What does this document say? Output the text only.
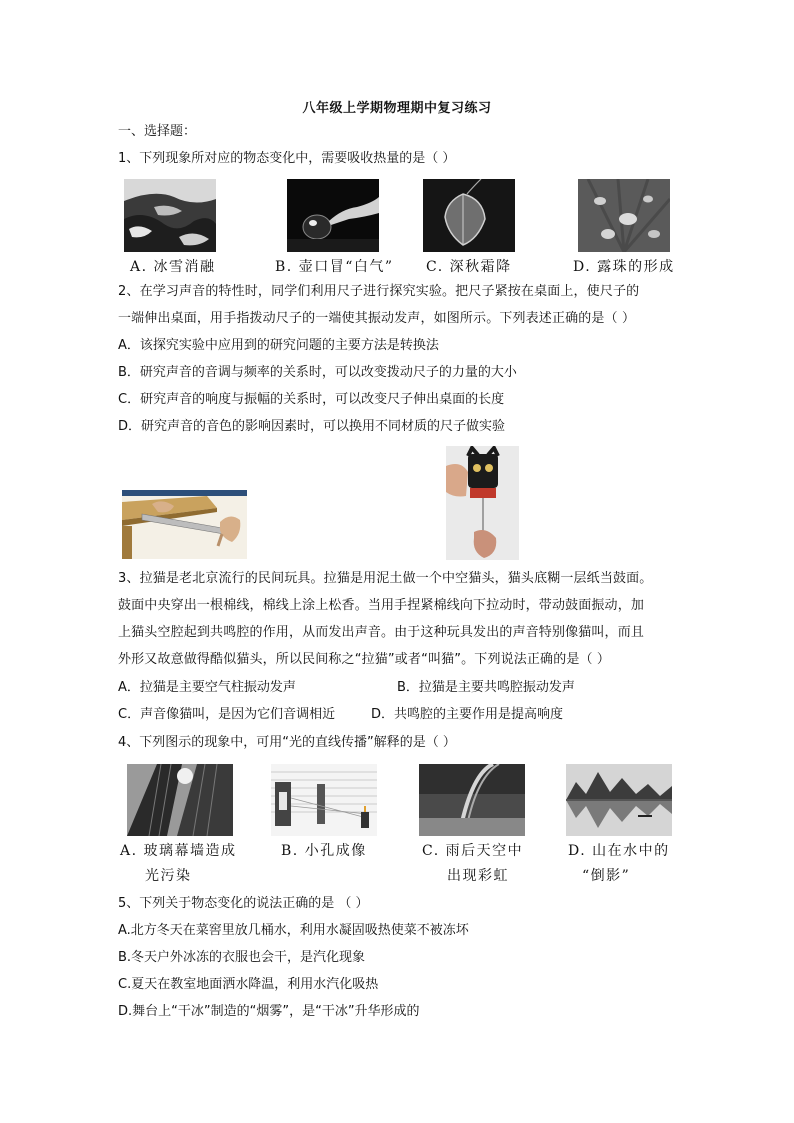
八年级上学期物理期中复习练习
一、选择题：
1、下列现象所对应的物态变化中，需要吸收热量的是（ ）
A. 冰雪消融	B. 壶口冒“白气” C. 深秋霜降	D. 露珠的形成
2、在学习声音的特性时，同学们利用尺子进行探究实验。把尺子紧按在桌面上，使尺子的
一端伸出桌面，用手指拨动尺子的一端使其振动发声，如图所示。下列表述正确的是（ ）
A．该探究实验中应用到的研究问题的主要方法是转换法
B．研究声音的音调与频率的关系时，可以改变拨动尺子的力量的大小
C．研究声音的响度与振幅的关系时，可以改变尺子伸出桌面的长度
D．研究声音的音色的影响因素时，可以换用不同材质的尺子做实验
3、拉猫是老北京流行的民间玩具。拉猫是用泥土做一个中空猫头，猫头底糊一层纸当鼓面。
鼓面中央穿出一根棉线，棉线上涂上松香。当用手捏紧棉线向下拉动时，带动鼓面振动，加
上猫头空腔起到共鸣腔的作用，从而发出声音。由于这种玩具发出的声音特别像猫叫，而且
外形又故意做得酷似猫头，所以民间称之“拉猫”或者“叫猫”。下列说法正确的是（ ）
A．拉猫是主要空气柱振动发声	B．拉猫是主要共鸣腔振动发声
C．声音像猫叫，是因为它们音调相近	D．共鸣腔的主要作用是提高响度
4、下列图示的现象中，可用“光的直线传播”解释的是（ ）
A. 玻璃幕墙造成
光污染
B. 小孔成像	C. 雨后天空中
出现彩虹
D. 山在水中的
“倒影”
5、下列关于物态变化的说法正确的是 （ ）
A.北方冬天在菜窖里放几桶水，利用水凝固吸热使菜不被冻坏
B.冬天户外冰冻的衣服也会干，是汽化现象
C.夏天在教室地面洒水降温，利用水汽化吸热
D.舞台上“干冰”制造的“烟雾”，是“干冰”升华形成的
